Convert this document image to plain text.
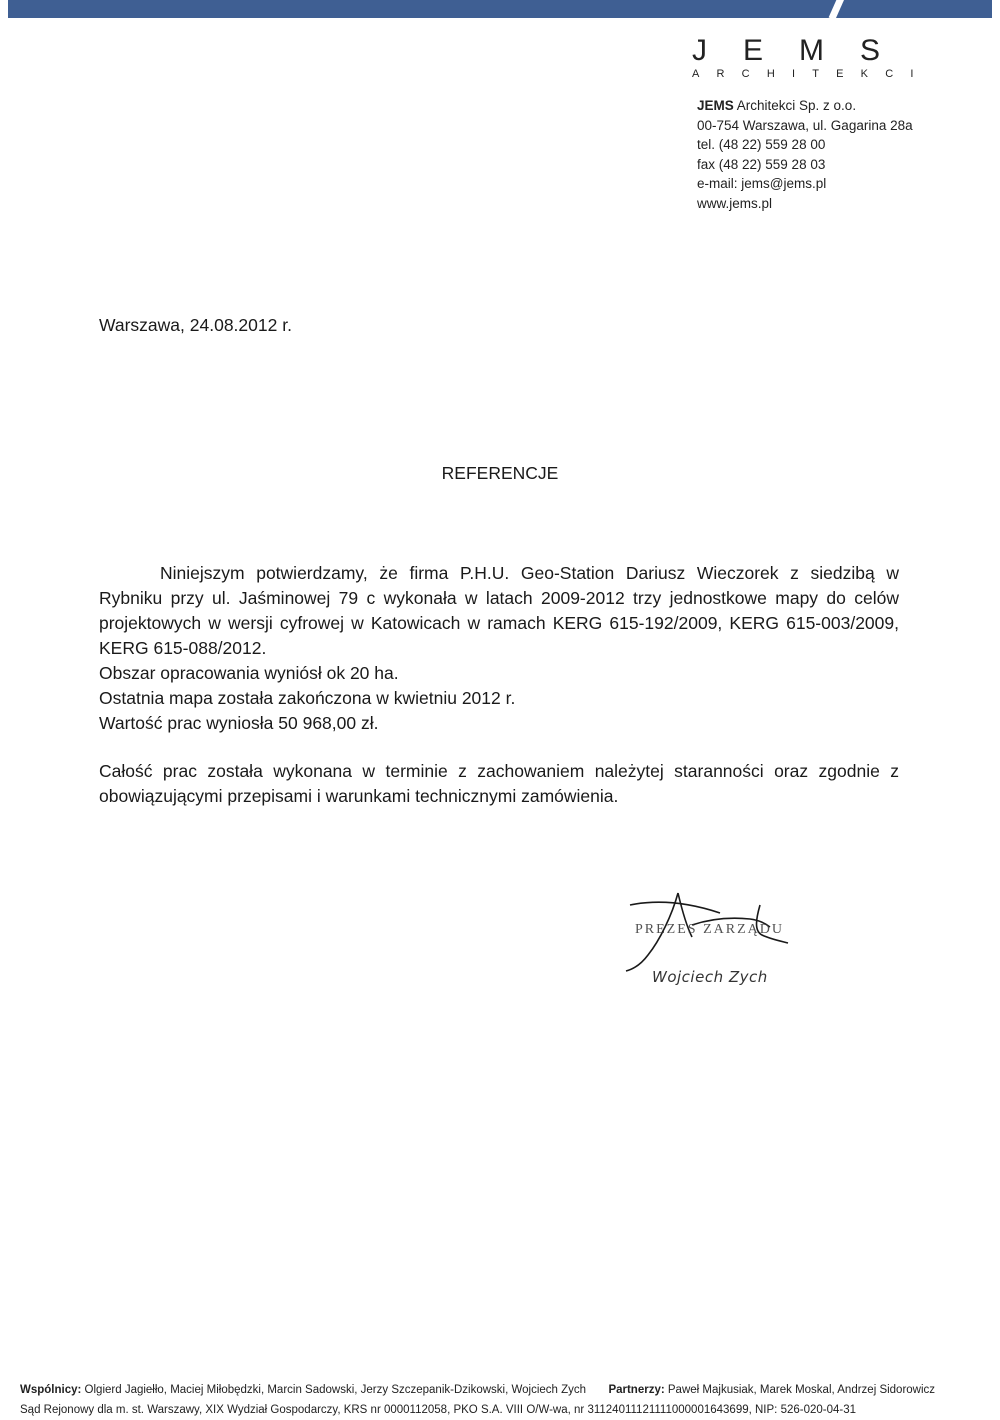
JEMS
ARCHITEKCI
JEMS Architekci Sp. z o.o.
00-754 Warszawa, ul. Gagarina 28a
tel. (48 22) 559 28 00
fax (48 22) 559 28 03
e-mail: jems@jems.pl
www.jems.pl
Warszawa, 24.08.2012 r.
REFERENCJE

Niniejszym potwierdzamy, że firma P.H.U. Geo-Station Dariusz Wieczorek z siedzibą w Rybniku przy ul. Jaśminowej 79 c wykonała w latach 2009-2012 trzy jednostkowe mapy do celów projektowych w wersji cyfrowej w Katowicach w ramach KERG 615-192/2009, KERG 615-003/2009, KERG 615-088/2012.

Obszar opracowania wyniósł ok 20 ha.

Ostatnia mapa została zakończona w kwietniu 2012 r.

Wartość prac wyniosła 50 968,00 zł.

Całość prac została wykonana w terminie z zachowaniem należytej staranności oraz zgodnie z obowiązującymi przepisami i warunkami technicznymi zamówienia.

PREZES ZARZĄDU
Wojciech Zych
Wspólnicy: Olgierd Jagiełło, Maciej Miłobędzki, Marcin Sadowski, Jerzy Szczepanik-Dzikowski, Wojciech Zych Partnerzy: Paweł Majkusiak, Marek Moskal, Andrzej Sidorowicz
Sąd Rejonowy dla m. st. Warszawy, XIX Wydział Gospodarczy, KRS nr 0000112058, PKO S.A. VIII O/W-wa, nr 31124011121111000001643699, NIP: 526-020-04-31
